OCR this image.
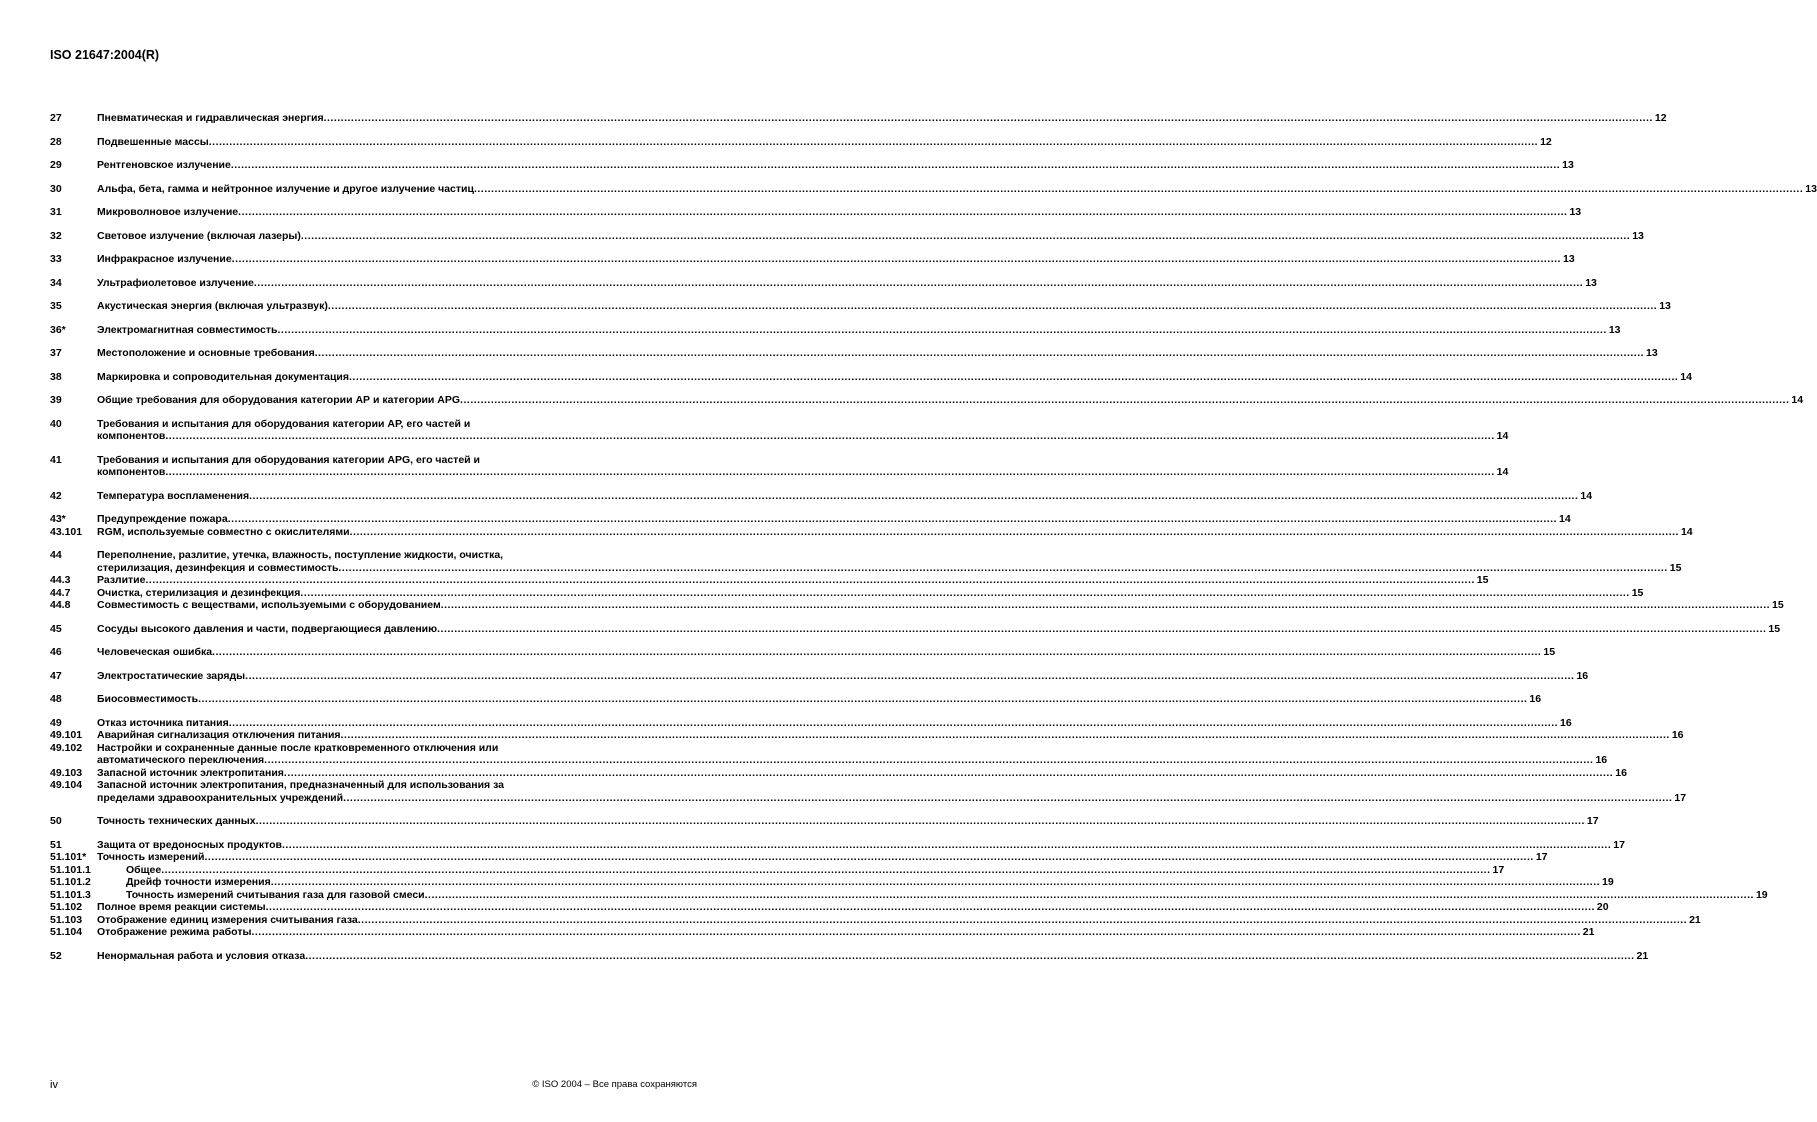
ISO 21647:2004(R)
27	Пневматическая и гидравлическая энергия .....	12
28	Подвешенные массы .....	12
29	Рентгеновское излучение .....	13
30	Альфа, бета, гамма и нейтронное излучение и другое излучение частиц .....	13
31	Микроволновое излучение .....	13
32	Световое излучение (включая лазеры) .....	13
33	Инфракрасное излучение .....	13
34	Ультрафиолетовое излучение .....	13
35	Акустическая энергия (включая ультразвук) .....	13
36*	Электромагнитная совместимость .....	13
37	Местоположение и основные требования .....	13
38	Маркировка и сопроводительная документация .....	14
39	Общие требования для оборудования категории АР и категории APG .....	14
40	Требования и испытания для оборудования категории АР, его частей и
компонентов .....	14
41	Требования и испытания для оборудования категории APG, его частей и
компонентов .....	14
42	Температура воспламенения .....	14
43*	Предупреждение пожара .....	14
43.101	RGM, используемые совместно с окислителями .....	14
44	Переполнение, разлитие, утечка, влажность, поступление жидкости, очистка,
стерилизация, дезинфекция и совместимость .....	15
44.3	Разлитие .....	15
44.7	Очистка, стерилизация и дезинфекция .....	15
44.8	Совместимость с веществами, используемыми с оборудованием .....	15
45	Сосуды высокого давления и части, подвергающиеся давлению .....	15
46	Человеческая ошибка .....	15
47	Электростатические заряды .....	16
48	Биосовместимость .....	16
49	Отказ источника питания .....	16
49.101	Аварийная сигнализация отключения питания .....	16
49.102	Настройки и сохраненные данные после кратковременного отключения или
автоматического переключения .....	16
49.103	Запасной источник электропитания .....	16
49.104	Запасной источник электропитания, предназначенный для использования за
пределами здравоохранительных учреждений .....	17
50	Точность технических данных .....	17
51	Защита от вредоносных продуктов .....	17
51.101*	Точность измерений .....	17
51.101.1	Общее .....	17
51.101.2	Дрейф точности измерения .....	19
51.101.3	Точность измерений считывания газа для газовой смеси .....	19
51.102	Полное время реакции системы .....	20
51.103	Отображение единиц измерения считывания газа .....	21
51.104	Отображение режима работы .....	21
52	Ненормальная работа и условия отказа .....	21
iv	© ISO 2004 – Все права сохраняются
